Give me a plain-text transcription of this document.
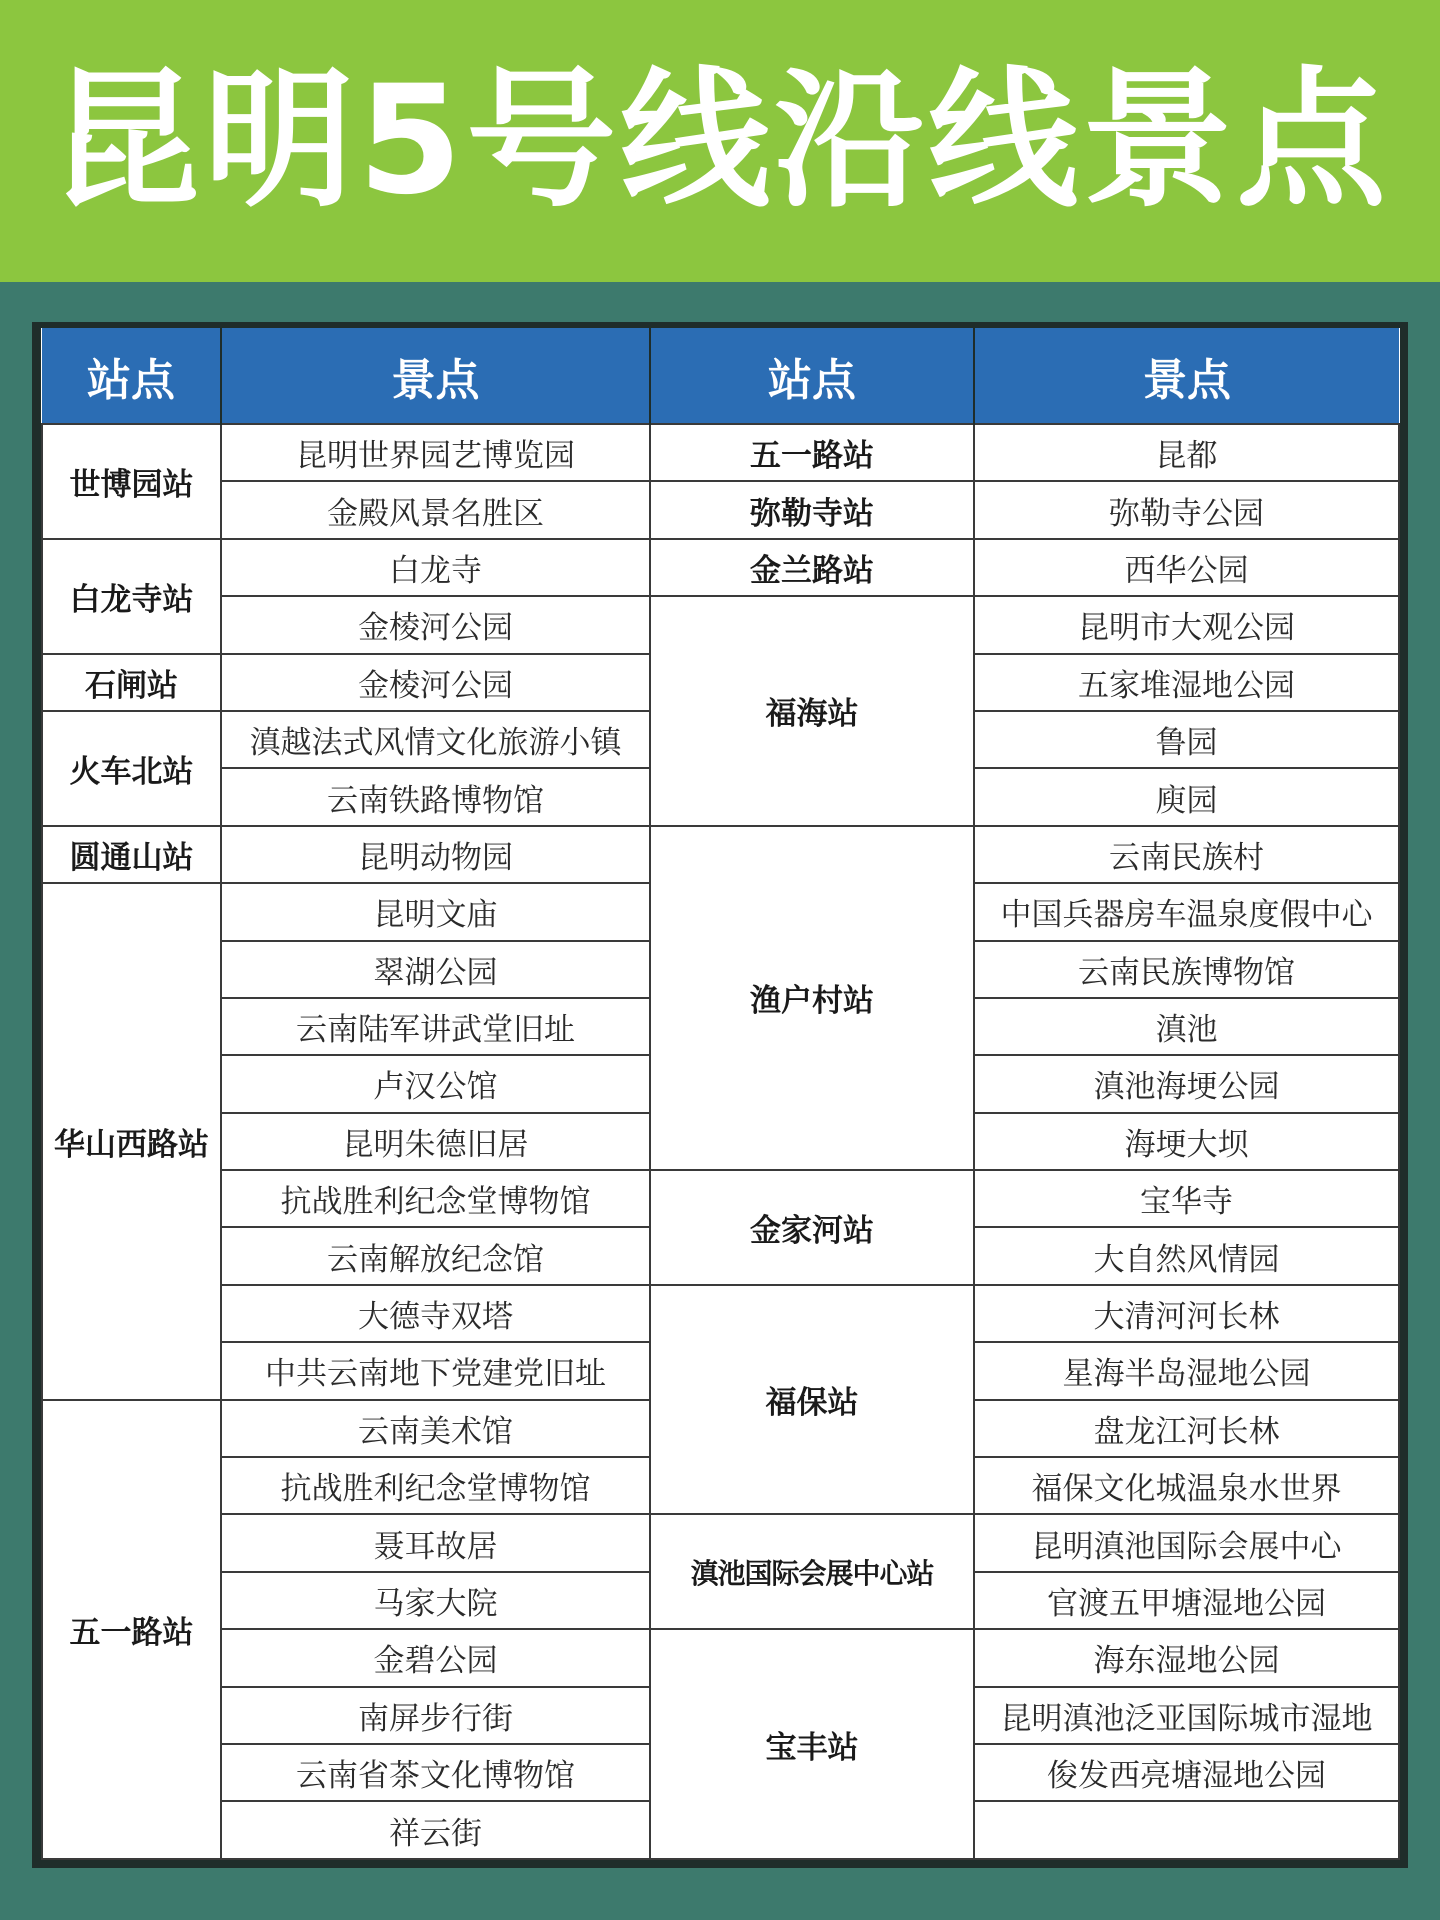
昆明5号线沿线景点
站点	景点	站点	景点
世博园站	昆明世界园艺博览园	五一路站	昆都
	金殿风景名胜区	弥勒寺站	弥勒寺公园
白龙寺站	白龙寺	金兰路站	西华公园
	金棱河公园	福海站	昆明市大观公园
石闸站	金棱河公园		五家堆湿地公园
火车北站	滇越法式风情文化旅游小镇		鲁园
	云南铁路博物馆		庾园
圆通山站	昆明动物园	渔户村站	云南民族村
华山西路站	昆明文庙		中国兵器房车温泉度假中心
	翠湖公园		云南民族博物馆
	云南陆军讲武堂旧址		滇池
	卢汉公馆		滇池海埂公园
	昆明朱德旧居		海埂大坝
	抗战胜利纪念堂博物馆	金家河站	宝华寺
	云南解放纪念馆		大自然风情园
	大德寺双塔	福保站	大清河河长林
	中共云南地下党建党旧址		星海半岛湿地公园
五一路站	云南美术馆		盘龙江河长林
	抗战胜利纪念堂博物馆		福保文化城温泉水世界
	聂耳故居	滇池国际会展中心站	昆明滇池国际会展中心
	马家大院		官渡五甲塘湿地公园
	金碧公园	宝丰站	海东湿地公园
	南屏步行街		昆明滇池泛亚国际城市湿地
	云南省茶文化博物馆		俊发西亮塘湿地公园
	祥云街		
